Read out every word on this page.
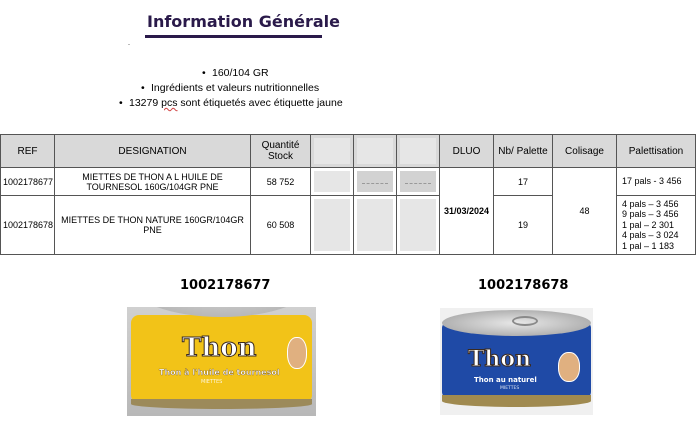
Information Générale
• 160/104 GR
• Ingrédients et valeurs nutritionnelles
• 13279 pcs sont étiquetés avec étiquette jaune
REF	DESIGNATION	Quantité Stock				DLUO	Nb/ Palette	Colisage	Palettisation
1002178677	MIETTES DE THON A L HUILE DE TOURNESOL 160G/104GR PNE	58 752				31/03/2024	17	48	17 pals - 3 456

1002178678	MIETTES DE THON NATURE 160GR/104GR PNE	60 508					19		4 pals – 3 456
9 pals – 3 456
1 pal – 2 301
4 pals – 3 024
1 pal – 1 183
1002178677
Thon
Thon à l'huile de tournesol
MIETTES
1002178678
Thon
Thon au naturel
MIETTES
